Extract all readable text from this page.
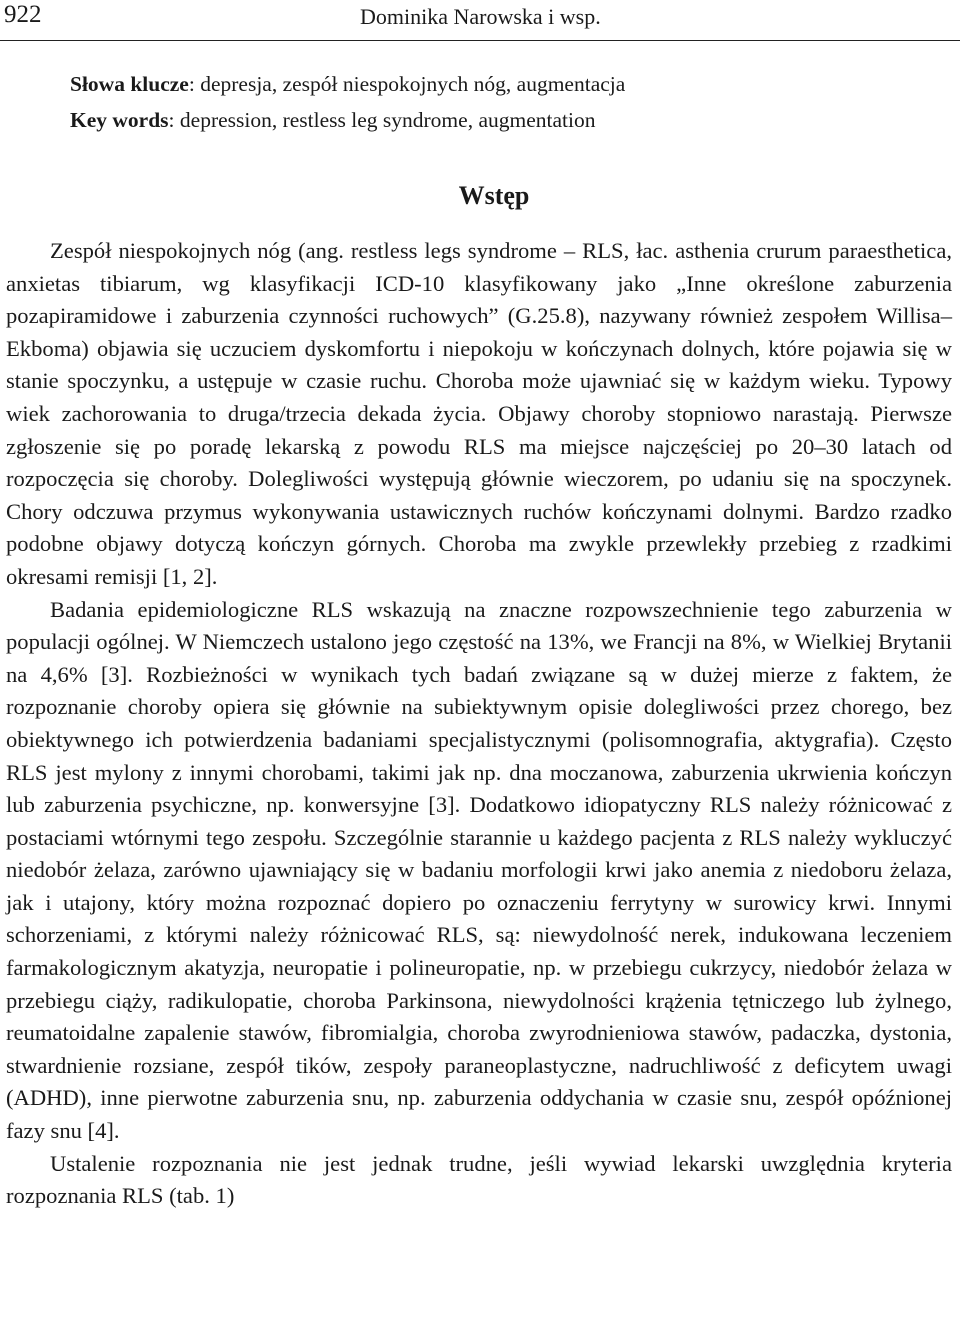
922	Dominika Narowska i wsp.
Słowa klucze: depresja, zespół niespokojnych nóg, augmentacja
Key words: depression, restless leg syndrome, augmentation
Wstęp

Zespół niespokojnych nóg (ang. restless legs syndrome – RLS, łac. asthenia crurum paraesthetica, anxietas tibiarum, wg klasyfikacji ICD-10 klasyfikowany jako „Inne określone zaburzenia pozapiramidowe i zaburzenia czynności ruchowych” (G.25.8), nazywany również zespołem Willisa–Ekboma) objawia się uczuciem dyskomfortu i niepokoju w kończynach dolnych, które pojawia się w stanie spoczynku, a ustępuje w czasie ruchu. Choroba może ujawniać się w każdym wieku. Typowy wiek zachorowania to druga/trzecia dekada życia. Objawy choroby stopniowo narastają. Pierwsze zgłoszenie się po poradę lekarską z powodu RLS ma miejsce najczęściej po 20–30 latach od rozpoczęcia się choroby. Dolegliwości występują głównie wieczorem, po udaniu się na spoczynek. Chory odczuwa przymus wykonywania ustawicznych ruchów kończynami dolnymi. Bardzo rzadko podobne objawy dotyczą kończyn górnych. Choroba ma zwykle przewlekły przebieg z rzadkimi okresami remisji [1, 2].

Badania epidemiologiczne RLS wskazują na znaczne rozpowszechnienie tego zaburzenia w populacji ogólnej. W Niemczech ustalono jego częstość na 13%, we Francji na 8%, w Wielkiej Brytanii na 4,6% [3]. Rozbieżności w wynikach tych badań związane są w dużej mierze z faktem, że rozpoznanie choroby opiera się głównie na subiektywnym opisie dolegliwości przez chorego, bez obiektywnego ich potwierdzenia badaniami specjalistycznymi (polisomnografia, aktygrafia). Często RLS jest mylony z innymi chorobami, takimi jak np. dna moczanowa, zaburzenia ukrwienia kończyn lub zaburzenia psychiczne, np. konwersyjne [3]. Dodatkowo idiopatyczny RLS należy różnicować z postaciami wtórnymi tego zespołu. Szczególnie starannie u każdego pacjenta z RLS należy wykluczyć niedobór żelaza, zarówno ujawniający się w badaniu morfologii krwi jako anemia z niedoboru żelaza, jak i utajony, który można rozpoznać dopiero po oznaczeniu ferrytyny w surowicy krwi. Innymi schorzeniami, z którymi należy różnicować RLS, są: niewydolność nerek, indukowana leczeniem farmakologicznym akatyzja, neuropatie i polineuropatie, np. w przebiegu cukrzycy, niedobór żelaza w przebiegu ciąży, radikulopatie, choroba Parkinsona, niewydolności krążenia tętniczego lub żylnego, reumatoidalne zapalenie stawów, fibromialgia, choroba zwyrodnieniowa stawów, padaczka, dystonia, stwardnienie rozsiane, zespół tików, zespoły paraneoplastyczne, nadruchliwość z deficytem uwagi (ADHD), inne pierwotne zaburzenia snu, np. zaburzenia oddychania w czasie snu, zespół opóźnionej fazy snu [4].

Ustalenie rozpoznania nie jest jednak trudne, jeśli wywiad lekarski uwzględnia kryteria rozpoznania RLS (tab. 1)
